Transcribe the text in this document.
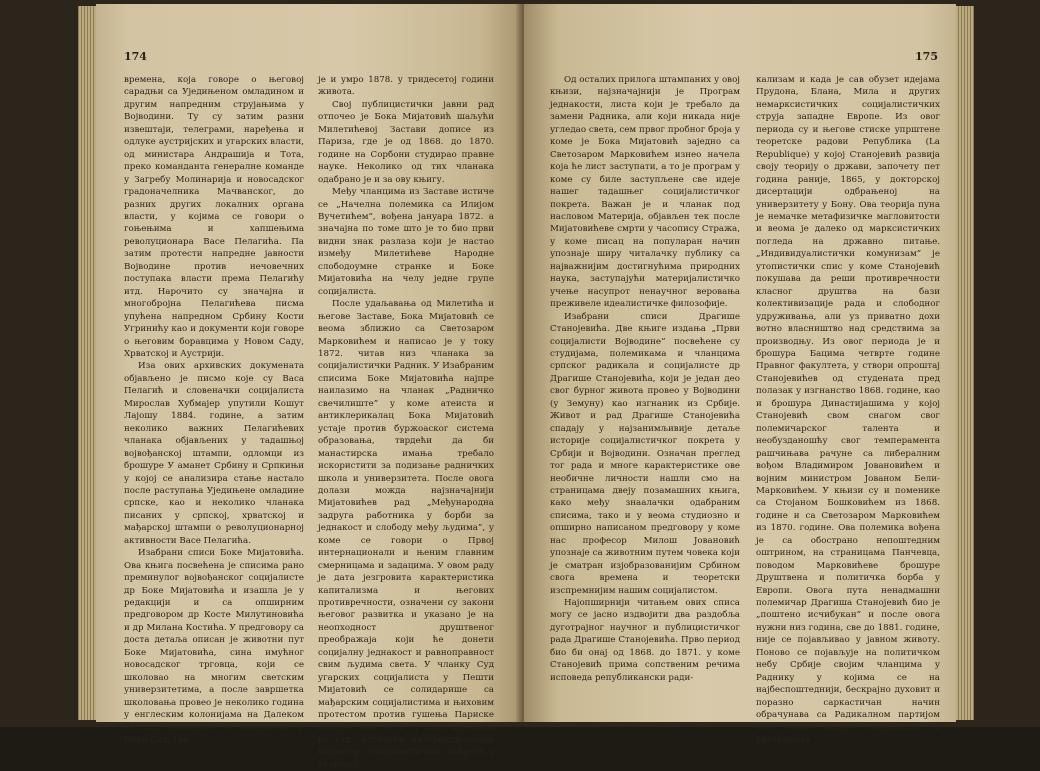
174

времена, која говоре о његовој сарадњи са Уједињеном омладином и другим напредним струјањима у Војводини. Ту су затим разни извештаји, телеграми, наређења и одлуке аустријских и угарских власти, од министара Андрашија и Тота, преко команданта генералне команде у Загребу Молинарија и новосадског градоначелника Мачванског, до разних других локалних органа власти, у којима се говори о гоњењима и хапшењима револуционара Васе Пелагића. Па затим протести напредне јавности Војводине против нечовечних поступака власти према Пелагићу итд. Нарочито су значајна и многобројна Пелагићева писма упућена напредном Србину Кости Угринићу као и документи који говоре о његовим боравцима у Новом Саду, Хрватској и Аустрији.

Иза ових архивских докумената објављено је писмо које су Васа Пелагић и словеначки социјалиста Мирослав Хубмајер упутили Кошут Лајошу 1884. године, а затим неколико важних Пелагићевих чланака објављених у тадашњој војвођанској штампи, одломци из брошуре У аманет Србину и Српкињи у којој се анализира стање настало после раступања Уједињене омладине српске, као и неколико чланака писаних у српској, хрватској и мађарској штампи о револуционарној активности Васе Пелагића.

Изабрани списи Боке Мијатовића. Ова књига посвећена је списима рано преминулог војвођанског социјалисте др Боке Мијатовића и изашла је у редакцији и са опширним предговором др Косте Милутиновића и др Милана Костића. У предговору са доста детаља описан је животни пут Боке Мијатовића, сина имућног новосадског трговца, који се школовао на многим светским универзитетима, а после завршетка школовања провео је неколико година у енглеским колонијама на Далеком Истоку, враћајући се повремено у Нови Сад, где

је и умро 1878. у тридесетој години живота.

Свој публицистички јавни рад отпочео је Бока Мијатовић шаљући Милетићевој Застави дописе из Париза, где је од 1868. до 1870. године на Сорбони студирао правне науке. Неколико од тих чланака одабрано је и за ову књигу.

Међу чланцима из Заставе истиче се „Начелна полемика са Илијом Вучетићем”, вођена јануара 1872. а значајна по томе што је то био први видни знак разлаза који је настао између Милетићеве Народне слободоумне странке и Боке Мијатовића на челу једне групе социјалиста.

После удаљавања од Милетића и његове Заставе, Бока Мијатовић се веома зближио са Светозаром Марковићем и написао је у току 1872. читав низ чланака за социјалистички Радник. У Изабраним списима Боке Мијатовића најпре наилазимо на чланак „Радничко свечилиште” у коме атеиста и антиклерикалац Бока Мијатовић устаје против буржоаског система образовања, тврдећи да би манастирска имања требало искористити за подизање радничких школа и универзитета. После овога долази можда најзначајнији Мијатовићев рад „Међународна задруга работника у борби за једнакост и слободу међу људима”, у коме се говори о Првој интернационали и њеним главним смерницама и задацима. У овом раду је дата језгровита карактеристика капитализма и његових противречности, означени су закони његовог развитка и указано је на неопходност друштвеног преображаја који ће донети социјалну једнакост и равноправност свим људима света. У чланку Суд угарских социјалиста у Пешти Мијатовић се солидарише са мађарским социјалистима и њиховим протестом против гушења Париске комуне, због чега су били изведени на суд, истичући интернационални карактер социјалистичког покрета у Угарској.

175

Од осталих прилога штампаних у овој књизи, најзначајнији је Програм једнакости, листа који је требало да замени Радника, али који никада није угледао света, сем првог пробног броја у коме је Бока Мијатовић заједно са Светозаром Марковићем изнео начела која ће лист заступати, а то је програм у коме су биле заступљене све идеје нашег тадашњег социјалистичког покрета. Важан је и чланак под насловом Материја, објављен тек после Мијатовићеве смрти у часопису Стража, у коме писац на популаран начин упознаје ширу читалачку публику са најважнијим достигнућима природних наука, заступајући материјалистичко учење насупрот ненаучног веровања преживеле идеалистичке филозофије.

Изабрани списи Драгише Станојевића. Две књиге издања „Први социјалисти Војводине” посвећене су студијама, полемикама и чланцима српског радикала и социјалисте др Драгише Станојевића, који је један део свог бурног живота провео у Војводини (у Земуну) као изгнаник из Србије. Живот и рад Драгише Станојевића спадају у најзанимљивије детаље историје социјалистичког покрета у Србији и Војводини. Означан преглед тог рада и многе карактеристике ове необичне личности нашли смо на страницама двеју позамашних књига, како међу знаалачки одабраним списима, тако и у веома студиозно и опширно написаном предговору у коме нас професор Милош Јовановић упознаје са животним путем човека који је сматран изјобразованијим Србином свога времена и теоретски изспремнијим нашим социјалистом.

Најопширнији читањем ових списа могу се јасно издвојити два раздобља дуготрајног научног и публицистичког рада Драгише Станојевића. Прво период био би онај од 1868. до 1871. у коме Станојевић прима сопственим речима исповеда републикански ради-

кализам и када је сав обузет идејама Прудона, Блана, Мила и других немарксистичких социјалистичких струја западне Европе. Из овог периода су и његове стиске упрштене теоретске радови Република (La Republique) у којој Станојевић развија своју теорију о држави, започету пет година раније, 1865, у докторској дисертацији одбрањеној на универзитету у Бону. Ова теорија пуна је немачке метафизичке магловитости и веома је далеко од марксистичких погледа на државно питање. „Индивидуалистички комунизам” је утопистички спис у коме Станојевић покушава да реши противречности класног друштва на бази колективизације рада и слободног удруживања, али уз приватно дохи вотно власништво над средствима за производњу. Из овог периода је и брошура Бацима четврте године Правног факултета, у створи опроштај Станојевићев од студената пред полазак у изгнанство 1868. године, као и брошура Династијашима у којој Станојевић свом снагом свог полемичарског талента и необузданошћу свог темперамента рашчињава рачуне са либералним вођом Владимиром Јовановићем и војним министром Јованом Бели-Марковићем. У књизи су и поменике са Стојаном Бошковићем из 1868. године и са Светозаром Марковићем из 1870. године. Ова полемика вођена је са обострано непоштедним оштрином, на страницама Панчевца, поводом Марковићеве брошуре Друштвена и политичка борба у Европи. Овога пута ненадмашни полемичар Драгиша Станојевић био је „поштено исчибукан” и после овога нужни низ година, све до 1881. године, није се појављивао у јавном животу. Поново се појављује на политичком небу Србије својим чланцима у Раднику у којима се на најбеспоштеднији, бескрајно духовит и поразно саркастичан начин обрачунава са Радикалном партијом због њене издаје социјализма и претварања
